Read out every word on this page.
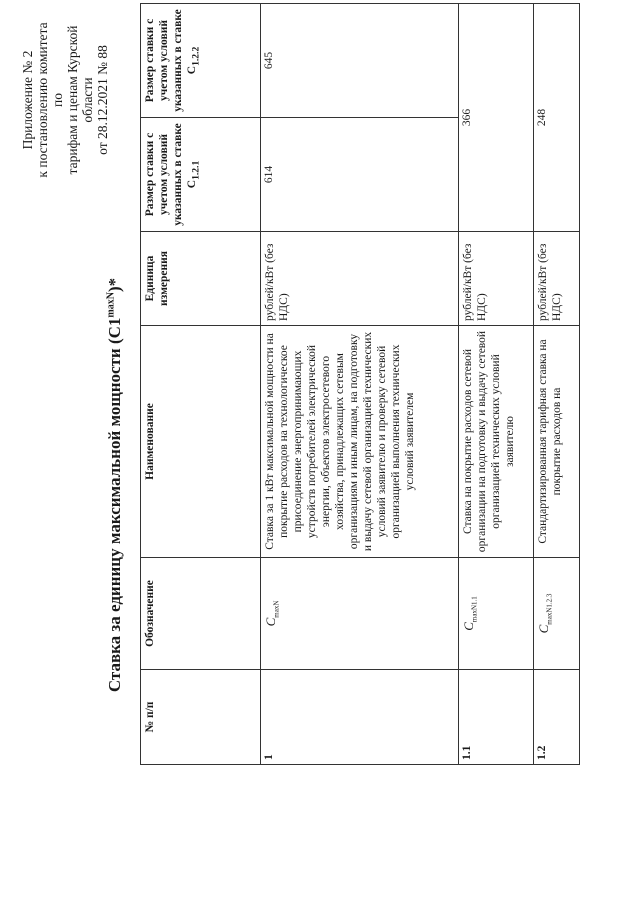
Приложение № 2 к постановлению комитета по тарифам и ценам Курской области от 28.12.2021 № 88
Ставка за единицу максимальной мощности $(C1^{maxN})*$
№ п/п	Обозначение	Наименование	Единица измерения	Размер ставки с учетом условий указанных в ставке $С_{1.2.1}$	Размер ставки с учетом условий указанных в ставке $С_{1.2.2}$
1	$C_{maxN}$	Ставка за 1 кВт максимальной мощности на покрытие расходов на технологическое присоединение энергопринимающих устройств потребителей электрической энергии, объектов электросетевого хозяйства, принадлежащих сетевым организациям и иным лицам, на подготовку и выдачу сетевой организацией технических условий заявителю и проверку сетевой организацией выполнения технических условий заявителем	рублей/кВт (без НДС)	614	645
1.1	$C_{maxN1.1}$	Ставка на покрытие расходов сетевой организации на подготовку и выдачу сетевой организацией технических условий заявителю	рублей/кВт (без НДС)	366	
1.2	$C_{maxN1.2.3}$	Стандартизированная тарифная ставка на покрытие расходов на	рублей/кВт (без НДС)	248	
